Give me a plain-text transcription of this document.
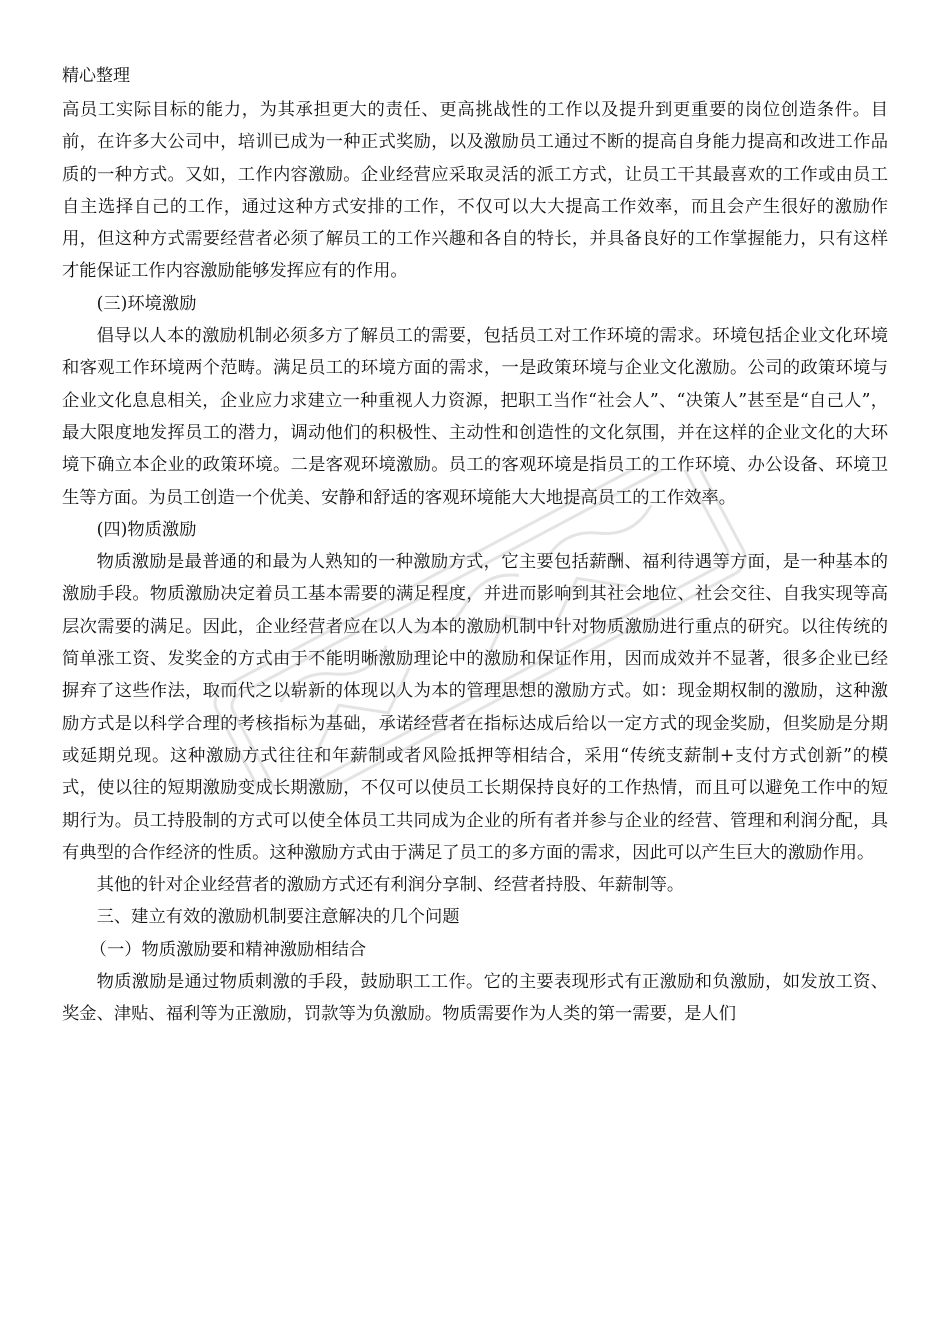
精心整理

高员工实际目标的能力，为其承担更大的责任、更高挑战性的工作以及提升到更重要的岗位创造条件。目前，在许多大公司中，培训已成为一种正式奖励，以及激励员工通过不断的提高自身能力提高和改进工作品质的一种方式。又如，工作内容激励。企业经营应采取灵活的派工方式，让员工干其最喜欢的工作或由员工自主选择自己的工作，通过这种方式安排的工作，不仅可以大大提高工作效率，而且会产生很好的激励作用，但这种方式需要经营者必须了解员工的工作兴趣和各自的特长，并具备良好的工作掌握能力，只有这样才能保证工作内容激励能够发挥应有的作用。

(三)环境激励

倡导以人本的激励机制必须多方了解员工的需要，包括员工对工作环境的需求。环境包括企业文化环境和客观工作环境两个范畴。满足员工的环境方面的需求，一是政策环境与企业文化激励。公司的政策环境与企业文化息息相关，企业应力求建立一种重视人力资源，把职工当作“社会人”、“决策人”甚至是“自己人”，最大限度地发挥员工的潜力，调动他们的积极性、主动性和创造性的文化氛围，并在这样的企业文化的大环境下确立本企业的政策环境。二是客观环境激励。员工的客观环境是指员工的工作环境、办公设备、环境卫生等方面。为员工创造一个优美、安静和舒适的客观环境能大大地提高员工的工作效率。

(四)物质激励

物质激励是最普通的和最为人熟知的一种激励方式，它主要包括薪酬、福利待遇等方面，是一种基本的激励手段。物质激励决定着员工基本需要的满足程度，并进而影响到其社会地位、社会交往、自我实现等高层次需要的满足。因此，企业经营者应在以人为本的激励机制中针对物质激励进行重点的研究。以往传统的简单涨工资、发奖金的方式由于不能明晰激励理论中的激励和保证作用，因而成效并不显著，很多企业已经摒弃了这些作法，取而代之以崭新的体现以人为本的管理思想的激励方式。如：现金期权制的激励，这种激励方式是以科学合理的考核指标为基础，承诺经营者在指标达成后给以一定方式的现金奖励，但奖励是分期或延期兑现。这种激励方式往往和年薪制或者风险抵押等相结合，采用“传统支薪制+支付方式创新”的模式，使以往的短期激励变成长期激励，不仅可以使员工长期保持良好的工作热情，而且可以避免工作中的短期行为。员工持股制的方式可以使全体员工共同成为企业的所有者并参与企业的经营、管理和利润分配，具有典型的合作经济的性质。这种激励方式由于满足了员工的多方面的需求，因此可以产生巨大的激励作用。

其他的针对企业经营者的激励方式还有利润分享制、经营者持股、年薪制等。

三、建立有效的激励机制要注意解决的几个问题

（一）物质激励要和精神激励相结合

物质激励是通过物质刺激的手段，鼓励职工工作。它的主要表现形式有正激励和负激励，如发放工资、奖金、津贴、福利等为正激励，罚款等为负激励。物质需要作为人类的第一需要，是人们
